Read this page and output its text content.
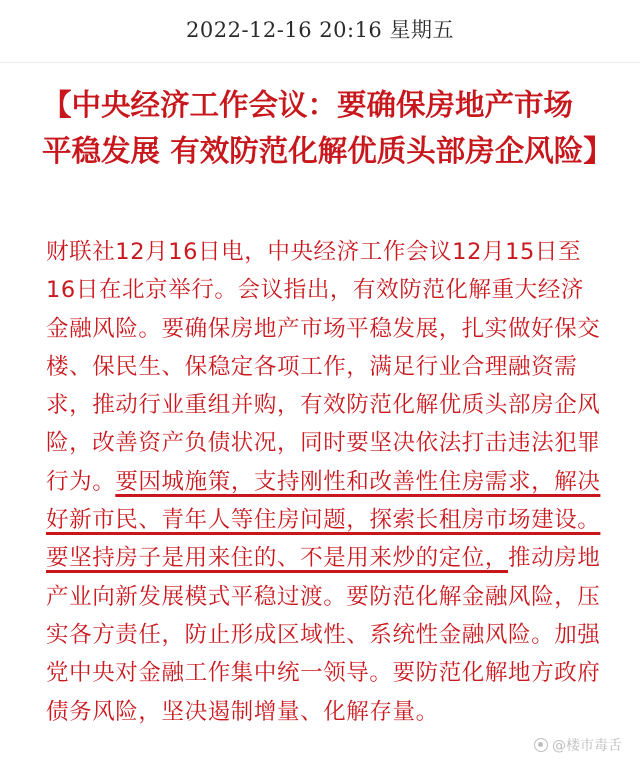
2022-12-16 20:16 星期五
【中央经济工作会议：要确保房地产市场平稳发展 有效防范化解优质头部房企风险】

财联社12月16日电，中央经济工作会议12月15日至16日在北京举行。会议指出，有效防范化解重大经济金融风险。要确保房地产市场平稳发展，扎实做好保交楼、保民生、保稳定各项工作，满足行业合理融资需求，推动行业重组并购，有效防范化解优质头部房企风险，改善资产负债状况，同时要坚决依法打击违法犯罪行为。要因城施策，支持刚性和改善性住房需求，解决好新市民、青年人等住房问题，探索长租房市场建设。要坚持房子是用来住的、不是用来炒的定位，推动房地产业向新发展模式平稳过渡。要防范化解金融风险，压实各方责任，防止形成区域性、系统性金融风险。加强党中央对金融工作集中统一领导。要防范化解地方政府债务风险，坚决遏制增量、化解存量。

@楼市毒舌
